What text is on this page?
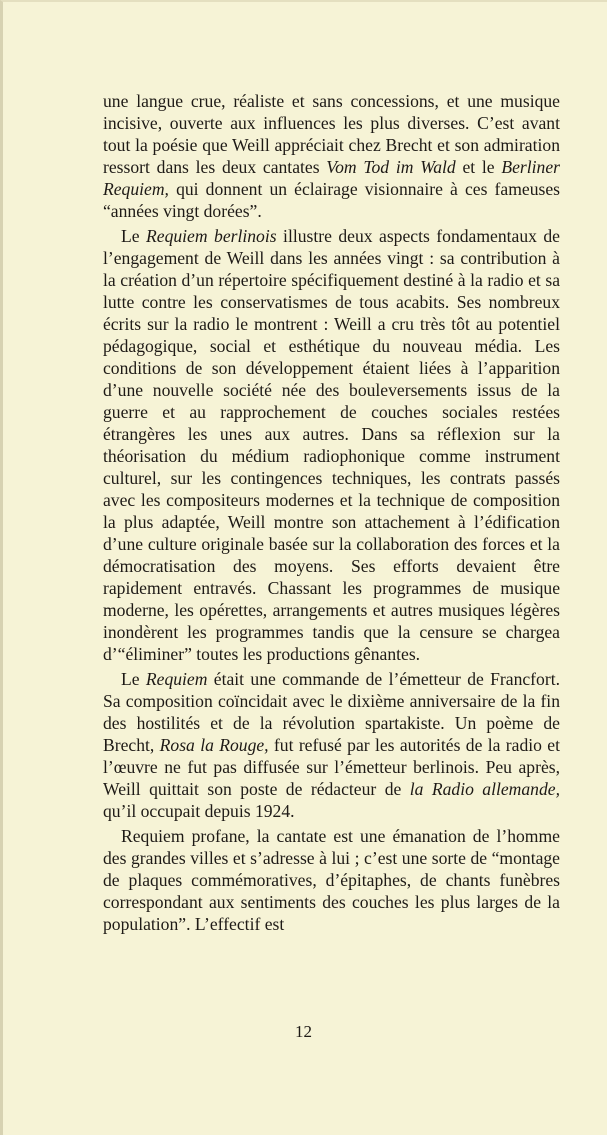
une langue crue, réaliste et sans concessions, et une musique incisive, ouverte aux influences les plus diverses. C’est avant tout la poésie que Weill appréciait chez Brecht et son admiration ressort dans les deux cantates Vom Tod im Wald et le Berliner Requiem, qui donnent un éclairage visionnaire à ces fameuses “années vingt dorées”.

Le Requiem berlinois illustre deux aspects fondamentaux de l’engagement de Weill dans les années vingt : sa contribution à la création d’un répertoire spécifiquement destiné à la radio et sa lutte contre les conservatismes de tous acabits. Ses nombreux écrits sur la radio le montrent : Weill a cru très tôt au potentiel pédagogique, social et esthétique du nouveau média. Les conditions de son développement étaient liées à l’apparition d’une nouvelle société née des bouleversements issus de la guerre et au rapprochement de couches sociales restées étrangères les unes aux autres. Dans sa réflexion sur la théorisation du médium radiophonique comme instrument culturel, sur les contingences techniques, les contrats passés avec les compositeurs modernes et la technique de composition la plus adaptée, Weill montre son attachement à l’édification d’une culture originale basée sur la collaboration des forces et la démocratisation des moyens. Ses efforts devaient être rapidement entravés. Chassant les programmes de musique moderne, les opérettes, arrangements et autres musiques légères inondèrent les programmes tandis que la censure se chargea d’“éliminer” toutes les productions gênantes.

Le Requiem était une commande de l’émetteur de Francfort. Sa composition coïncidait avec le dixième anniversaire de la fin des hostilités et de la révolution spartakiste. Un poème de Brecht, Rosa la Rouge, fut refusé par les autorités de la radio et l’œuvre ne fut pas diffusée sur l’émetteur berlinois. Peu après, Weill quittait son poste de rédacteur de la Radio allemande, qu’il occupait depuis 1924.

Requiem profane, la cantate est une émanation de l’homme des grandes villes et s’adresse à lui ; c’est une sorte de “montage de plaques commémoratives, d’épitaphes, de chants funèbres correspondant aux sentiments des couches les plus larges de la population”. L’effectif est

12
